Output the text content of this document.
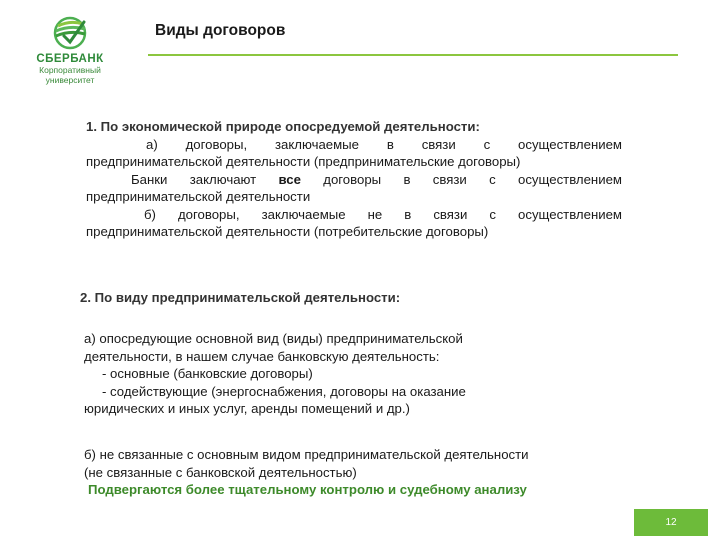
СБЕРБАНК
Корпоративный
университет
Виды договоров
1. По экономической природе опосредуемой деятельности:
а) договоры, заключаемые в связи с осуществлением
предпринимательской деятельности (предпринимательские договоры)
Банки заключают все договоры в связи с осуществлением
предпринимательской деятельности
б) договоры, заключаемые не в связи с осуществлением
предпринимательской деятельности (потребительские договоры)
2. По виду предпринимательской деятельности:
а) опосредующие основной вид (виды) предпринимательской
деятельности, в нашем случае банковскую деятельность:
- основные (банковские договоры)
- содействующие (энергоснабжения, договоры на оказание
юридических и иных услуг, аренды помещений и др.)
б) не связанные с основным видом предпринимательской деятельности
(не связанные с банковской деятельностью)
Подвергаются более тщательному контролю и судебному анализу
12
